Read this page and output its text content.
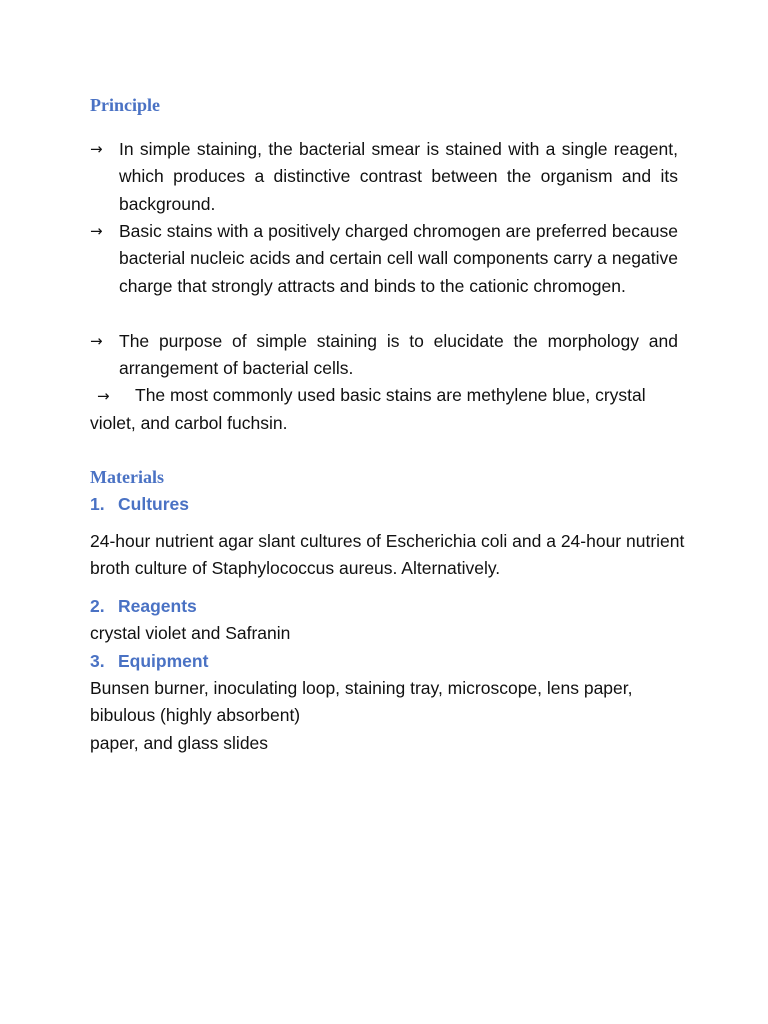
Principle
→ In simple staining, the bacterial smear is stained with a single reagent, which produces a distinctive contrast between the organism and its background.
→ Basic stains with a positively charged chromogen are preferred because bacterial nucleic acids and certain cell wall components carry a negative charge that strongly attracts and binds to the cationic chromogen.
→ The purpose of simple staining is to elucidate the morphology and arrangement of bacterial cells.
→ The most commonly used basic stains are methylene blue, crystal violet, and carbol fuchsin.
Materials
1. Cultures
24-hour nutrient agar slant cultures of Escherichia coli and a 24-hour nutrient broth culture of Staphylococcus aureus. Alternatively.
2. Reagents
crystal violet and Safranin
3. Equipment
Bunsen burner, inoculating loop, staining tray, microscope, lens paper, bibulous (highly absorbent)
paper, and glass slides
